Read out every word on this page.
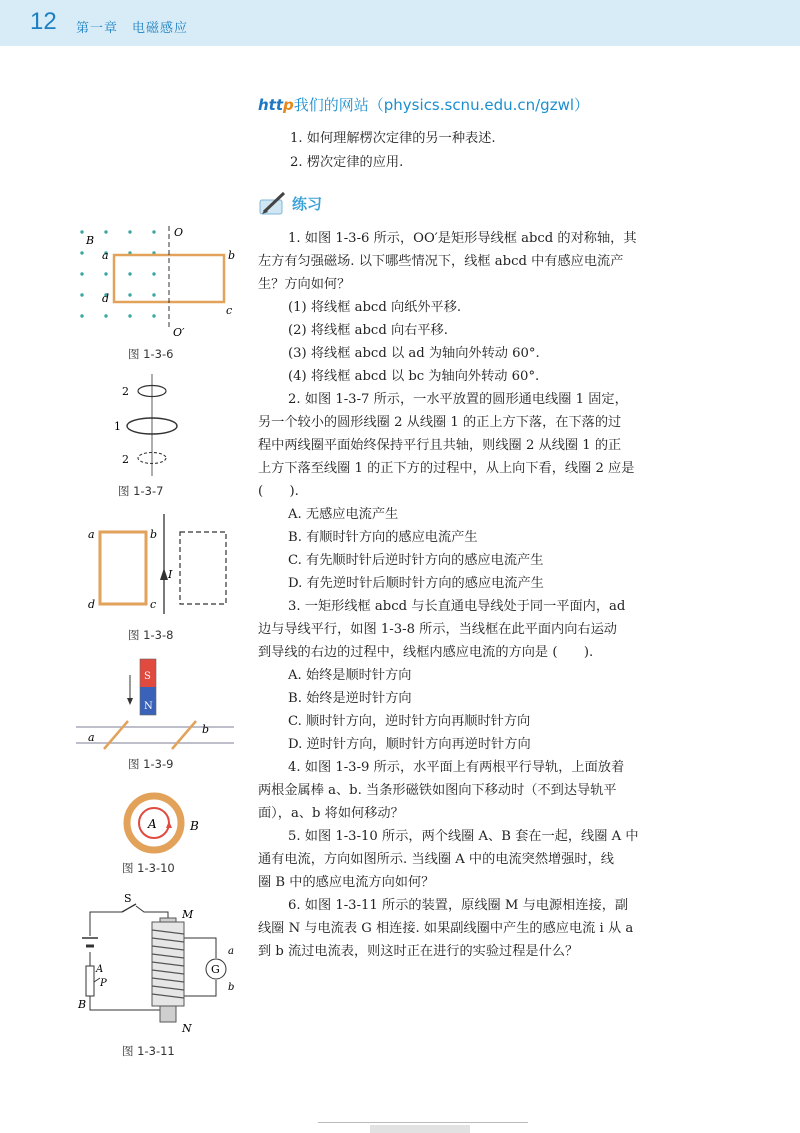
12 第一章　电磁感应
http我们的网站（physics.scnu.edu.cn/gzwl）
1. 如何理解楞次定律的另一种表述.
2. 楞次定律的应用.
练习
1. 如图 1-3-6 所示，OO′是矩形导线框 abcd 的对称轴，其
左方有匀强磁场. 以下哪些情况下，线框 abcd 中有感应电流产
生？方向如何？
(1) 将线框 abcd 向纸外平移.
(2) 将线框 abcd 向右平移.
(3) 将线框 abcd 以 ad 为轴向外转动 60°.
(4) 将线框 abcd 以 bc 为轴向外转动 60°.
2. 如图 1-3-7 所示，一水平放置的圆形通电线圈 1 固定，
另一个较小的圆形线圈 2 从线圈 1 的正上方下落，在下落的过
程中两线圈平面始终保持平行且共轴，则线圈 2 从线圈 1 的正
上方下落至线圈 1 的正下方的过程中，从上向下看，线圈 2 应是
(　　).
A. 无感应电流产生
B. 有顺时针方向的感应电流产生
C. 有先顺时针后逆时针方向的感应电流产生
D. 有先逆时针后顺时针方向的感应电流产生
3. 一矩形线框 abcd 与长直通电导线处于同一平面内，ad
边与导线平行，如图 1-3-8 所示，当线框在此平面内向右运动
到导线的右边的过程中，线框内感应电流的方向是 (　　).
A. 始终是顺时针方向
B. 始终是逆时针方向
C. 顺时针方向，逆时针方向再顺时针方向
D. 逆时针方向，顺时针方向再逆时针方向
4. 如图 1-3-9 所示，水平面上有两根平行导轨，上面放着
两根金属棒 a、b. 当条形磁铁如图向下移动时（不到达导轨平
面），a、b 将如何移动？
5. 如图 1-3-10 所示，两个线圈 A、B 套在一起，线圈 A 中
通有电流，方向如图所示. 当线圈 A 中的电流突然增强时，线
圈 B 中的感应电流方向如何？
6. 如图 1-3-11 所示的装置，原线圈 M 与电源相连接，副
线圈 N 与电流表 G 相连接. 如果副线圈中产生的感应电流 i 从 a
到 b 流过电流表，则这时正在进行的实验过程是什么？
B
a	b
c
d
O
O′
图 1-3-6
2
1
2
图 1-3-7
a	b
c
d
I
图 1-3-8
S
N
a
b
图 1-3-9
A	B
图 1-3-10
G
S
M
N
A
P
B
a
b
图 1-3-11
